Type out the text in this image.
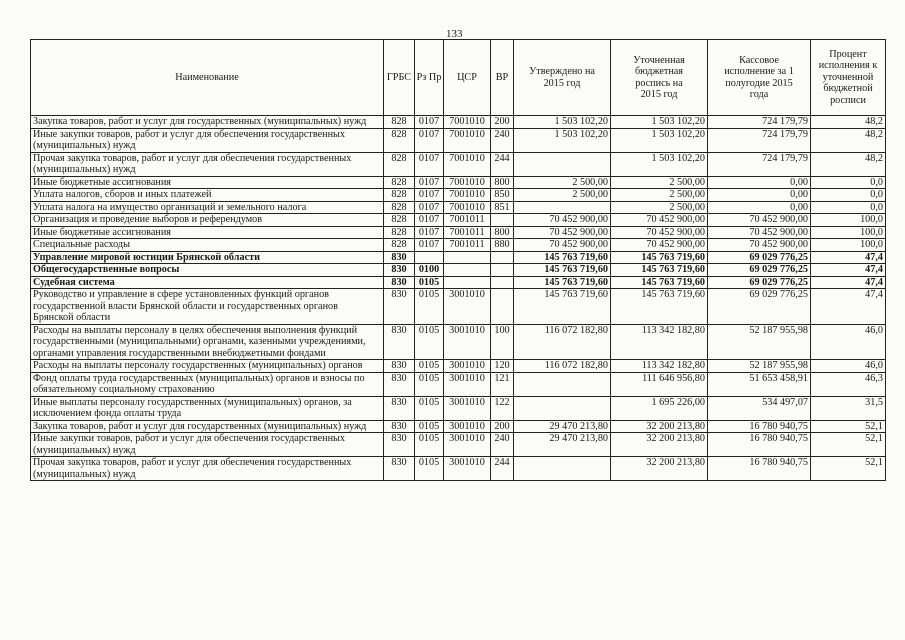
133
Наименование	ГРБС	Рз Пр	ЦСР	ВР	Утверждено на 2015 год	Уточненная бюджетная роспись на 2015 год	Кассовое исполнение за 1 полугодие 2015 года	Процент исполнения к уточненной бюджетной росписи
Закупка товаров, работ и услуг для государственных (муниципальных) нужд	828	0107	7001010	200	1 503 102,20	1 503 102,20	724 179,79	48,2
Иные закупки товаров, работ и услуг для обеспечения государственных (муниципальных) нужд	828	0107	7001010	240	1 503 102,20	1 503 102,20	724 179,79	48,2
Прочая закупка товаров, работ и услуг для обеспечения государственных (муниципальных) нужд	828	0107	7001010	244		1 503 102,20	724 179,79	48,2
Иные бюджетные ассигнования	828	0107	7001010	800	2 500,00	2 500,00	0,00	0,0
Уплата налогов, сборов и иных платежей	828	0107	7001010	850	2 500,00	2 500,00	0,00	0,0
Уплата налога на имущество организаций и земельного налога	828	0107	7001010	851		2 500,00	0,00	0,0
Организация и проведение выборов и референдумов	828	0107	7001011		70 452 900,00	70 452 900,00	70 452 900,00	100,0
Иные бюджетные ассигнования	828	0107	7001011	800	70 452 900,00	70 452 900,00	70 452 900,00	100,0
Специальные расходы	828	0107	7001011	880	70 452 900,00	70 452 900,00	70 452 900,00	100,0
Управление мировой юстиции Брянской области	830				145 763 719,60	145 763 719,60	69 029 776,25	47,4
Общегосударственные вопросы	830	0100			145 763 719,60	145 763 719,60	69 029 776,25	47,4
Судебная система	830	0105			145 763 719,60	145 763 719,60	69 029 776,25	47,4
Руководство и управление в сфере установленных функций органов государственной власти Брянской области и государственных органов Брянской области	830	0105	3001010		145 763 719,60	145 763 719,60	69 029 776,25	47,4
Расходы на выплаты персоналу в целях обеспечения выполнения функций государственными (муниципальными) органами, казенными учреждениями, органами управления государственными внебюджетными фондами	830	0105	3001010	100	116 072 182,80	113 342 182,80	52 187 955,98	46,0
Расходы на выплаты персоналу государственных (муниципальных) органов	830	0105	3001010	120	116 072 182,80	113 342 182,80	52 187 955,98	46,0
Фонд оплаты труда государственных (муниципальных) органов и взносы по обязательному социальному страхованию	830	0105	3001010	121		111 646 956,80	51 653 458,91	46,3
Иные выплаты персоналу государственных (муниципальных) органов, за исключением фонда оплаты труда	830	0105	3001010	122		1 695 226,00	534 497,07	31,5
Закупка товаров, работ и услуг для государственных (муниципальных) нужд	830	0105	3001010	200	29 470 213,80	32 200 213,80	16 780 940,75	52,1
Иные закупки товаров, работ и услуг для обеспечения государственных (муниципальных) нужд	830	0105	3001010	240	29 470 213,80	32 200 213,80	16 780 940,75	52,1
Прочая закупка товаров, работ и услуг для обеспечения государственных (муниципальных) нужд	830	0105	3001010	244		32 200 213,80	16 780 940,75	52,1
